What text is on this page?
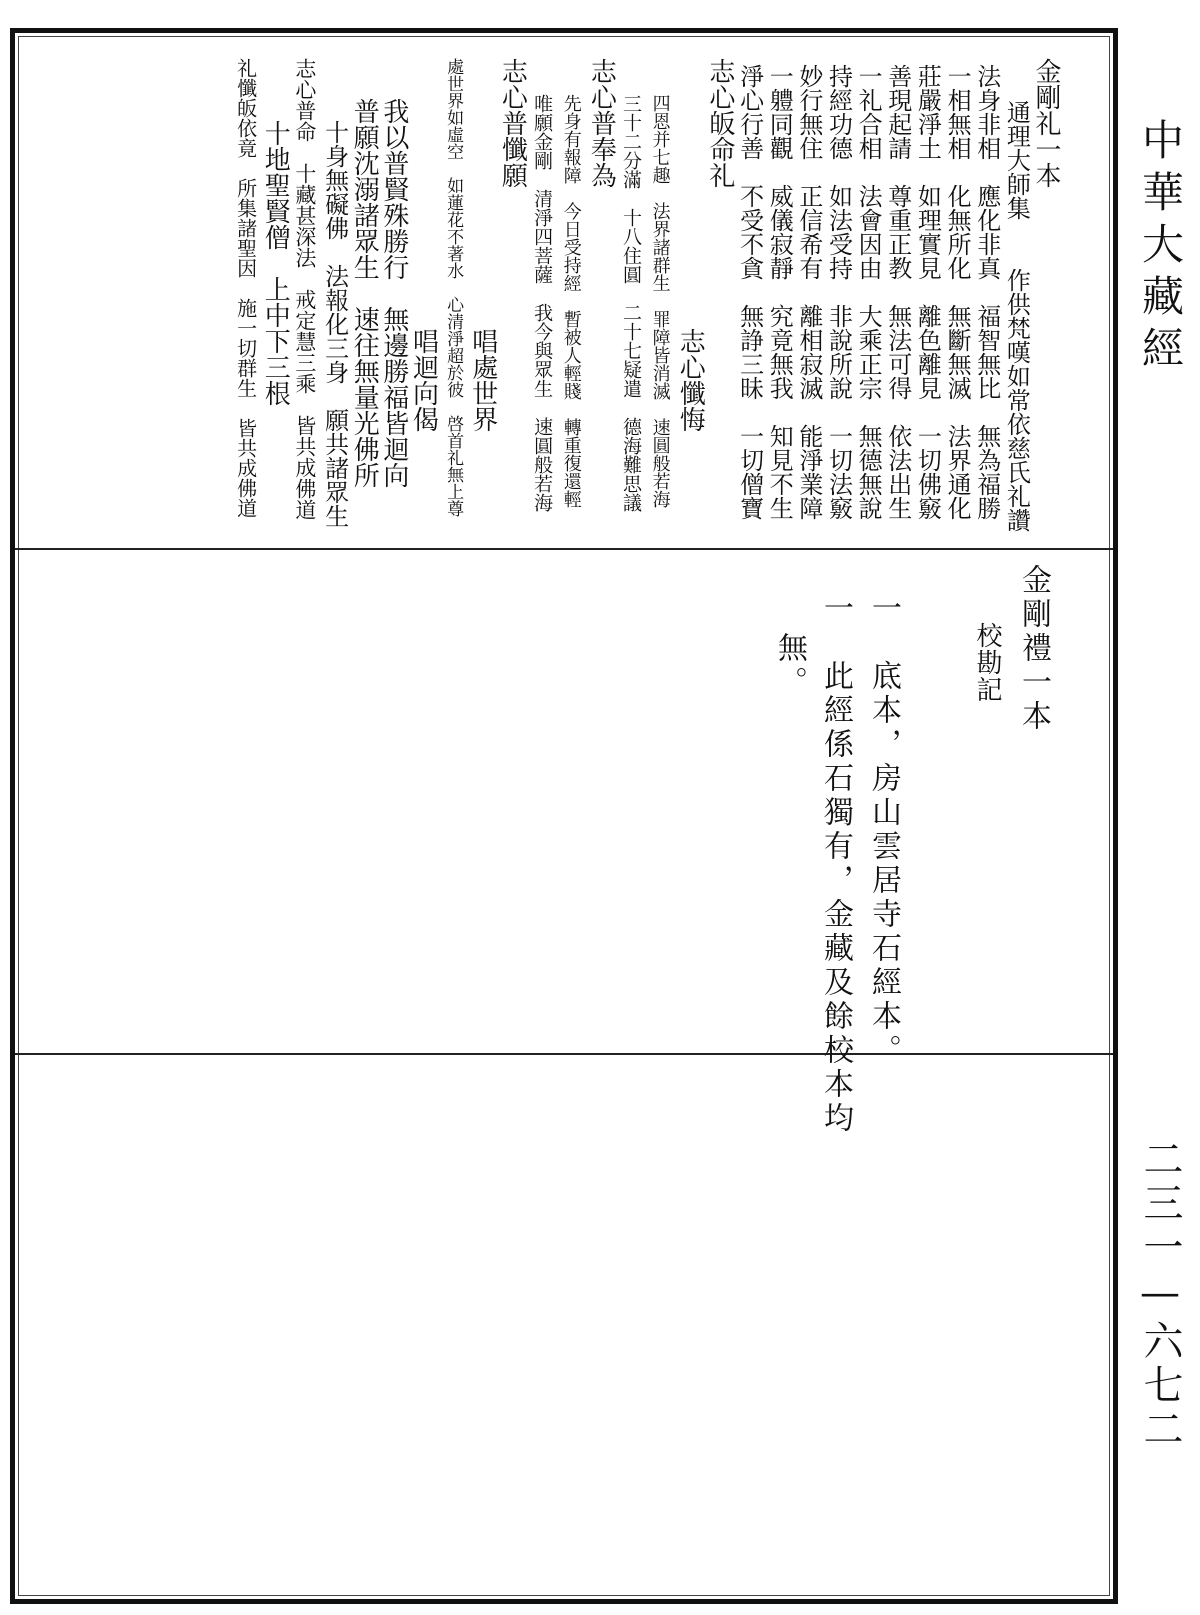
中華大藏經
二三一—六七二
金剛礼一本
通理大師集　　作供梵嘆如常依慈氏礼讚
法身非相　應化非真　福智無比　無為福勝
一相無相　化無所化　無斷無滅　法界通化
莊嚴淨土　如理實見　離色離見　一切佛竅
善現起請　尊重正教　無法可得　依法出生
一礼合相　法會因由　大乘正宗　無德無說
持經功德　如法受持　非說所說　一切法竅
妙行無住　正信希有　離相寂滅　能淨業障
一軆同觀　威儀寂靜　究竟無我　知見不生
淨心行善　不受不貪　無諍三昧　一切僧寶
志心皈命礼
志心懺悔
四恩并七趣　法界諸群生　罪障皆消滅　速圓般若海
三十二分滿　十八住圓　二十七疑遣　德海難思議
志心普奉為
先身有報障　今日受持經　暫被人輕賤　轉重復還輕
唯願金剛　清淨四菩薩　我今與眾生　速圓般若海
志心普懺願
唱處世界
處世界如虛空　如蓮花不著水　心清淨超於彼　啓首礼無上尊
唱迴向偈
我以普賢殊勝行　無邊勝福皆迴向
普願沈溺諸眾生　速往無量光佛所
十身無礙佛　法報化三身　願共諸眾生
志心普命　十藏甚深法　戒定慧三乘　皆共成佛道
十地聖賢僧　上中下三根
礼懺皈依竟　所集諸聖因　施一切群生　皆共成佛道
金剛禮一本
校勘記
一　底本，房山雲居寺石經本。
一　此經係石獨有，金藏及餘校本均
無。
